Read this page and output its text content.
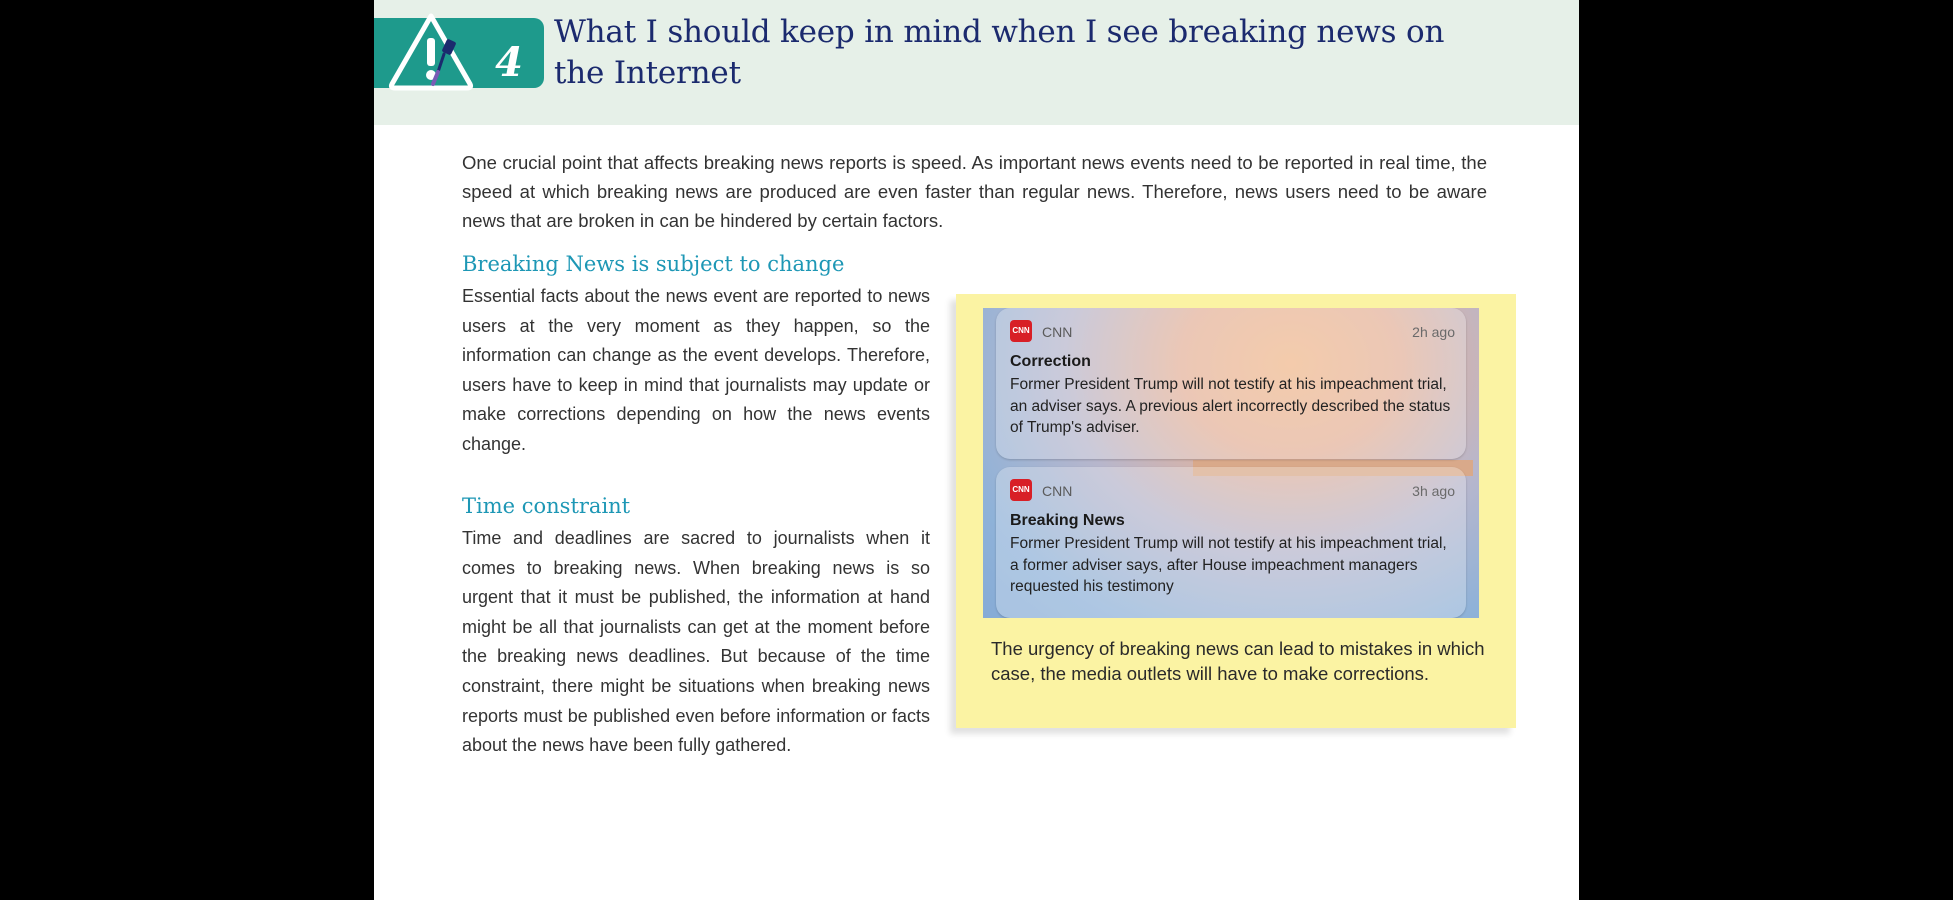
4
What I should keep in mind when I see breaking news on the Internet

One crucial point that affects breaking news reports is speed. As important news events need to be reported in real time, the speed at which breaking news are produced are even faster than regular news. Therefore, news users need to be aware news that are broken in can be hindered by certain factors.

Breaking News is subject to change

Essential facts about the news event are reported to news users at the very moment as they happen, so the information can change as the event develops. Therefore, users have to keep in mind that journalists may update or make corrections depending on how the news events change.

Time constraint

Time and deadlines are sacred to journalists when it comes to breaking news. When breaking news is so urgent that it must be published, the information at hand might be all that journalists can get at the moment before the breaking news deadlines. But because of the time constraint, there might be situations when breaking news reports must be published even before information or facts about the news have been fully gathered.

CNN CNN	2h ago
Correction

Former President Trump will not testify at his impeachment trial, an adviser says. A previous alert incorrectly described the status of Trump's adviser.

CNN CNN	3h ago
Breaking News

Former President Trump will not testify at his impeachment trial, a former adviser says, after House impeachment managers requested his testimony

The urgency of breaking news can lead to mistakes in which case, the media outlets will have to make corrections.
